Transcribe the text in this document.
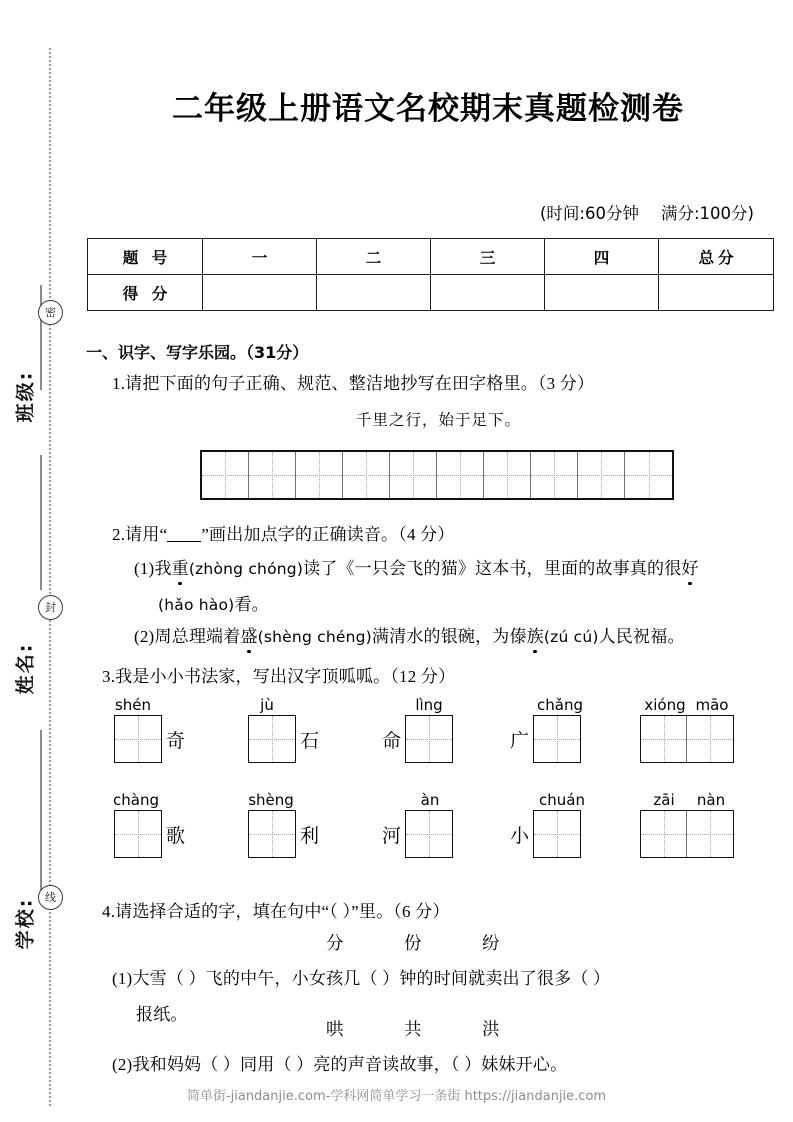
密
封
线
班级:
姓名:
学校:
二年级上册语文名校期末真题检测卷
(时间:60分钟 满分:100分)
题 号	一	二	三	四	总分
得 分					
一、识字、写字乐园。（31分）
1.请把下面的句子正确、规范、整洁地抄写在田字格里。（3 分）
千里之行，始于足下。
2.请用“ ”画出加点字的正确读音。（4 分）
(1)我重(zhòng chóng)读了《一只会飞的猫》这本书，里面的故事真的很好
(hǎo hào)看。
(2)周总理端着盛(shèng chéng)满清水的银碗，为傣族(zú cú)人民祝福。
3.我是小小书法家，写出汉字顶呱呱。（12 分）
shén
奇
jù
石
lìng
命
chǎng
广
xióng māo
chàng
歌
shèng
利
àn
河
chuán
小
zāi	nàn
4.请选择合适的字，填在句中“（ ）”里。（6 分）
分	份	纷
(1)大雪（ ）飞的中午，小女孩几（ ）钟的时间就卖出了很多（ ）
报纸。
哄	共	洪
(2)我和妈妈（ ）同用（ ）亮的声音读故事，（ ）妹妹开心。
简单街-jiandanjie.com-学科网简单学习一条街 https://jiandanjie.com
